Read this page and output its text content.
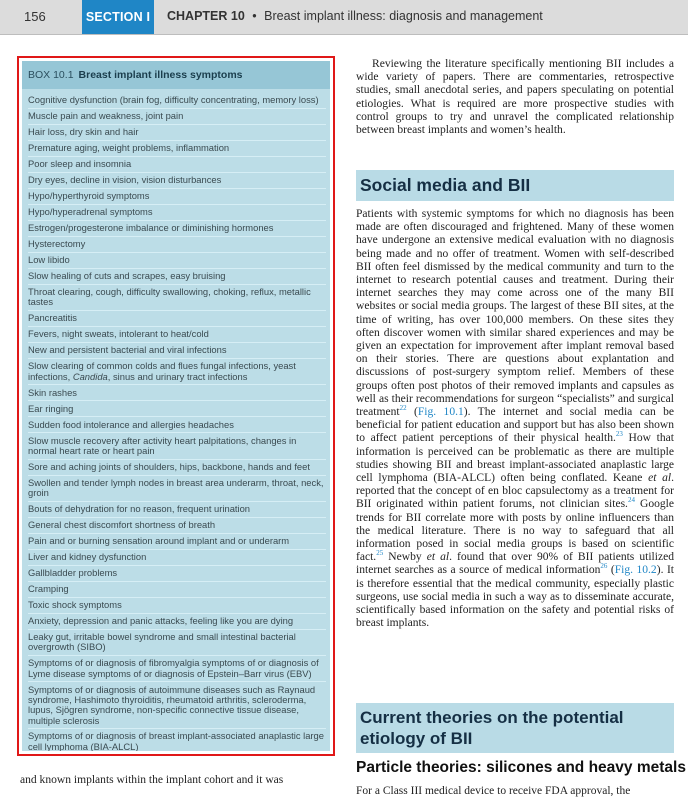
156	SECTION I	CHAPTER 10 • Breast implant illness: diagnosis and management
BOX 10.1 Breast implant illness symptoms
Cognitive dysfunction (brain fog, difficulty concentrating, memory loss)
Muscle pain and weakness, joint pain
Hair loss, dry skin and hair
Premature aging, weight problems, inflammation
Poor sleep and insomnia
Dry eyes, decline in vision, vision disturbances
Hypo/hyperthyroid symptoms
Hypo/hyperadrenal symptoms
Estrogen/progesterone imbalance or diminishing hormones
Hysterectomy
Low libido
Slow healing of cuts and scrapes, easy bruising
Throat clearing, cough, difficulty swallowing, choking, reflux, metallic tastes
Pancreatitis
Fevers, night sweats, intolerant to heat/cold
New and persistent bacterial and viral infections
Slow clearing of common colds and flues fungal infections, yeast infections, Candida, sinus and urinary tract infections
Skin rashes
Ear ringing
Sudden food intolerance and allergies headaches
Slow muscle recovery after activity heart palpitations, changes in normal heart rate or heart pain
Sore and aching joints of shoulders, hips, backbone, hands and feet
Swollen and tender lymph nodes in breast area underarm, throat, neck, groin
Bouts of dehydration for no reason, frequent urination
General chest discomfort shortness of breath
Pain and or burning sensation around implant and or underarm
Liver and kidney dysfunction
Gallbladder problems
Cramping
Toxic shock symptoms
Anxiety, depression and panic attacks, feeling like you are dying
Leaky gut, irritable bowel syndrome and small intestinal bacterial overgrowth (SIBO)
Symptoms of or diagnosis of fibromyalgia symptoms of or diagnosis of Lyme disease symptoms of or diagnosis of Epstein–Barr virus (EBV)
Symptoms of or diagnosis of autoimmune diseases such as Raynaud syndrome, Hashimoto thyroiditis, rheumatoid arthritis, scleroderma, lupus, Sjögren syndrome, non-specific connective tissue disease, multiple sclerosis
Symptoms of or diagnosis of breast implant-associated anaplastic large cell lymphoma (BIA-ALCL)
and known implants within the implant cohort and it was

Reviewing the literature specifically mentioning BII includes a wide variety of papers. There are commentaries, retrospective studies, small anecdotal series, and papers speculating on potential etiologies. What is required are more prospective studies with control groups to try and unravel the complicated relationship between breast implants and women’s health.

Social media and BII

Patients with systemic symptoms for which no diagnosis has been made are often discouraged and frightened. Many of these women have undergone an extensive medical evaluation with no diagnosis being made and no offer of treatment. Women with self-described BII often feel dismissed by the medical community and turn to the internet to research potential causes and treatment. During their internet searches they may come across one of the many BII websites or social media groups. The largest of these BII sites, at the time of writing, has over 100,000 members. On these sites they often discover women with similar shared experiences and may be given an expectation for improvement after implant removal based on their stories. There are questions about explantation and discussions of post-surgery symptom relief. Members of these groups often post photos of their removed implants and capsules as well as their recommendations for surgeon “specialists” and surgical treatment$^{22}$ (Fig. 10.1). The internet and social media can be beneficial for patient education and support but has also been shown to affect patient perceptions of their physical health.$^{23}$ How that information is perceived can be problematic as there are multiple studies showing BII and breast implant-associated anaplastic large cell lymphoma (BIA-ALCL) often being conflated. Keane et al. reported that the concept of en bloc capsulectomy as a treatment for BII originated within patient forums, not clinician sites.$^{24}$ Google trends for BII correlate more with posts by online influencers than the medical literature. There is no way to safeguard that all information posed in social media groups is based on scientific fact.$^{25}$ Newby et al. found that over 90% of BII patients utilized internet searches as a source of medical information$^{26}$ (Fig. 10.2). It is therefore essential that the medical community, especially plastic surgeons, use social media in such a way as to disseminate accurate, scientifically based information on the safety and potential risks of breast implants.

Current theories on the potential etiology of BII
Particle theories: silicones and heavy metals
For a Class III medical device to receive FDA approval, the
